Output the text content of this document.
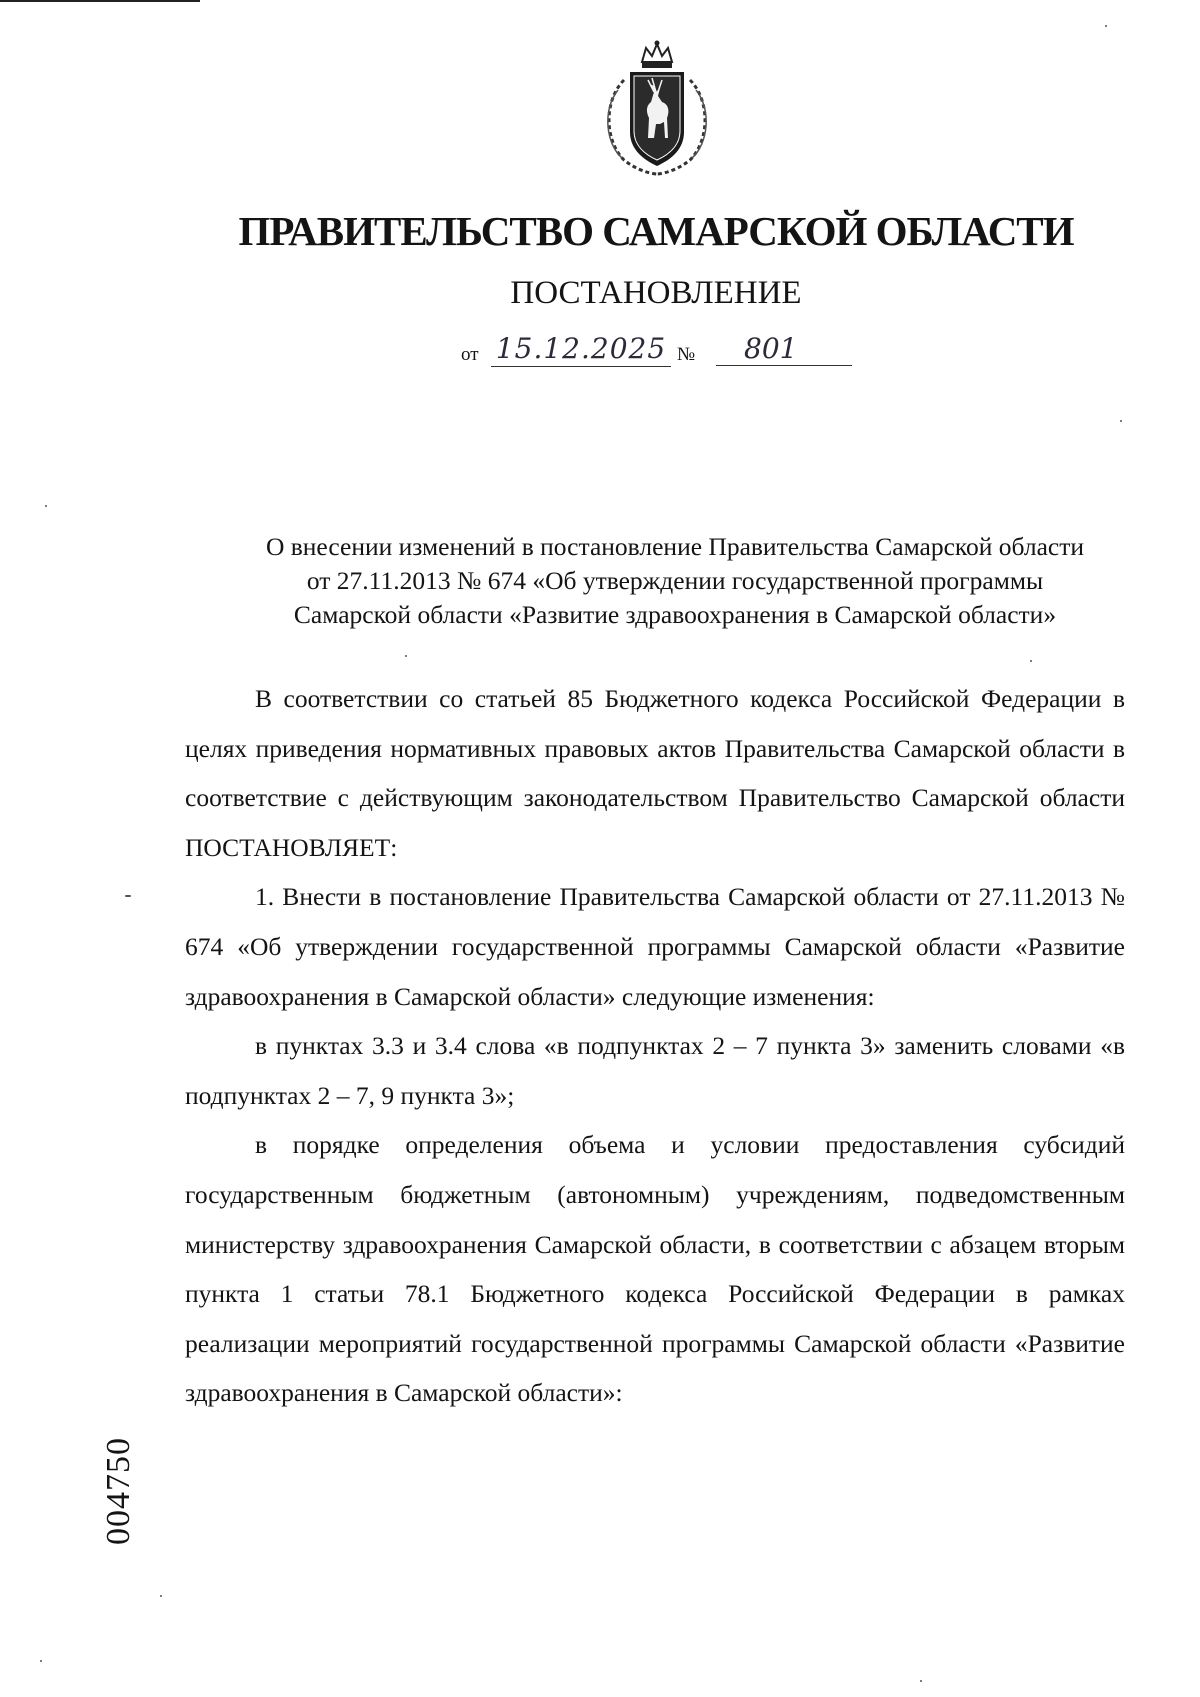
ПРАВИТЕЛЬСТВО САМАРСКОЙ ОБЛАСТИ
ПОСТАНОВЛЕНИЕ
от 15.12.2025 №	801
О внесении изменений в постановление Правительства Самарской области
от 27.11.2013 № 674 «Об утверждении государственной программы
Самарской области «Развитие здравоохранения в Самарской области»

В соответствии со статьей 85 Бюджетного кодекса Российской Федерации в целях приведения нормативных правовых актов Правительства Самарской области в соответствие с действующим законодательством Правительство Самарской области ПОСТАНОВЛЯЕТ:

1. Внести в постановление Правительства Самарской области от 27.11.2013 № 674 «Об утверждении государственной программы Самарской области «Развитие здравоохранения в Самарской области» следующие изменения:

в пунктах 3.3 и 3.4 слова «в подпунктах 2 – 7 пункта 3» заменить словами «в подпунктах 2 – 7, 9 пункта 3»;

в порядке определения объема и условии предоставления субсидий государственным бюджетным (автономным) учреждениям, подведомственным министерству здравоохранения Самарской области, в соответствии с абзацем вторым пункта 1 статьи 78.1 Бюджетного кодекса Российской Федерации в рамках реализации мероприятий государственной программы Самарской области «Развитие здравоохранения в Самарской области»:

004750
